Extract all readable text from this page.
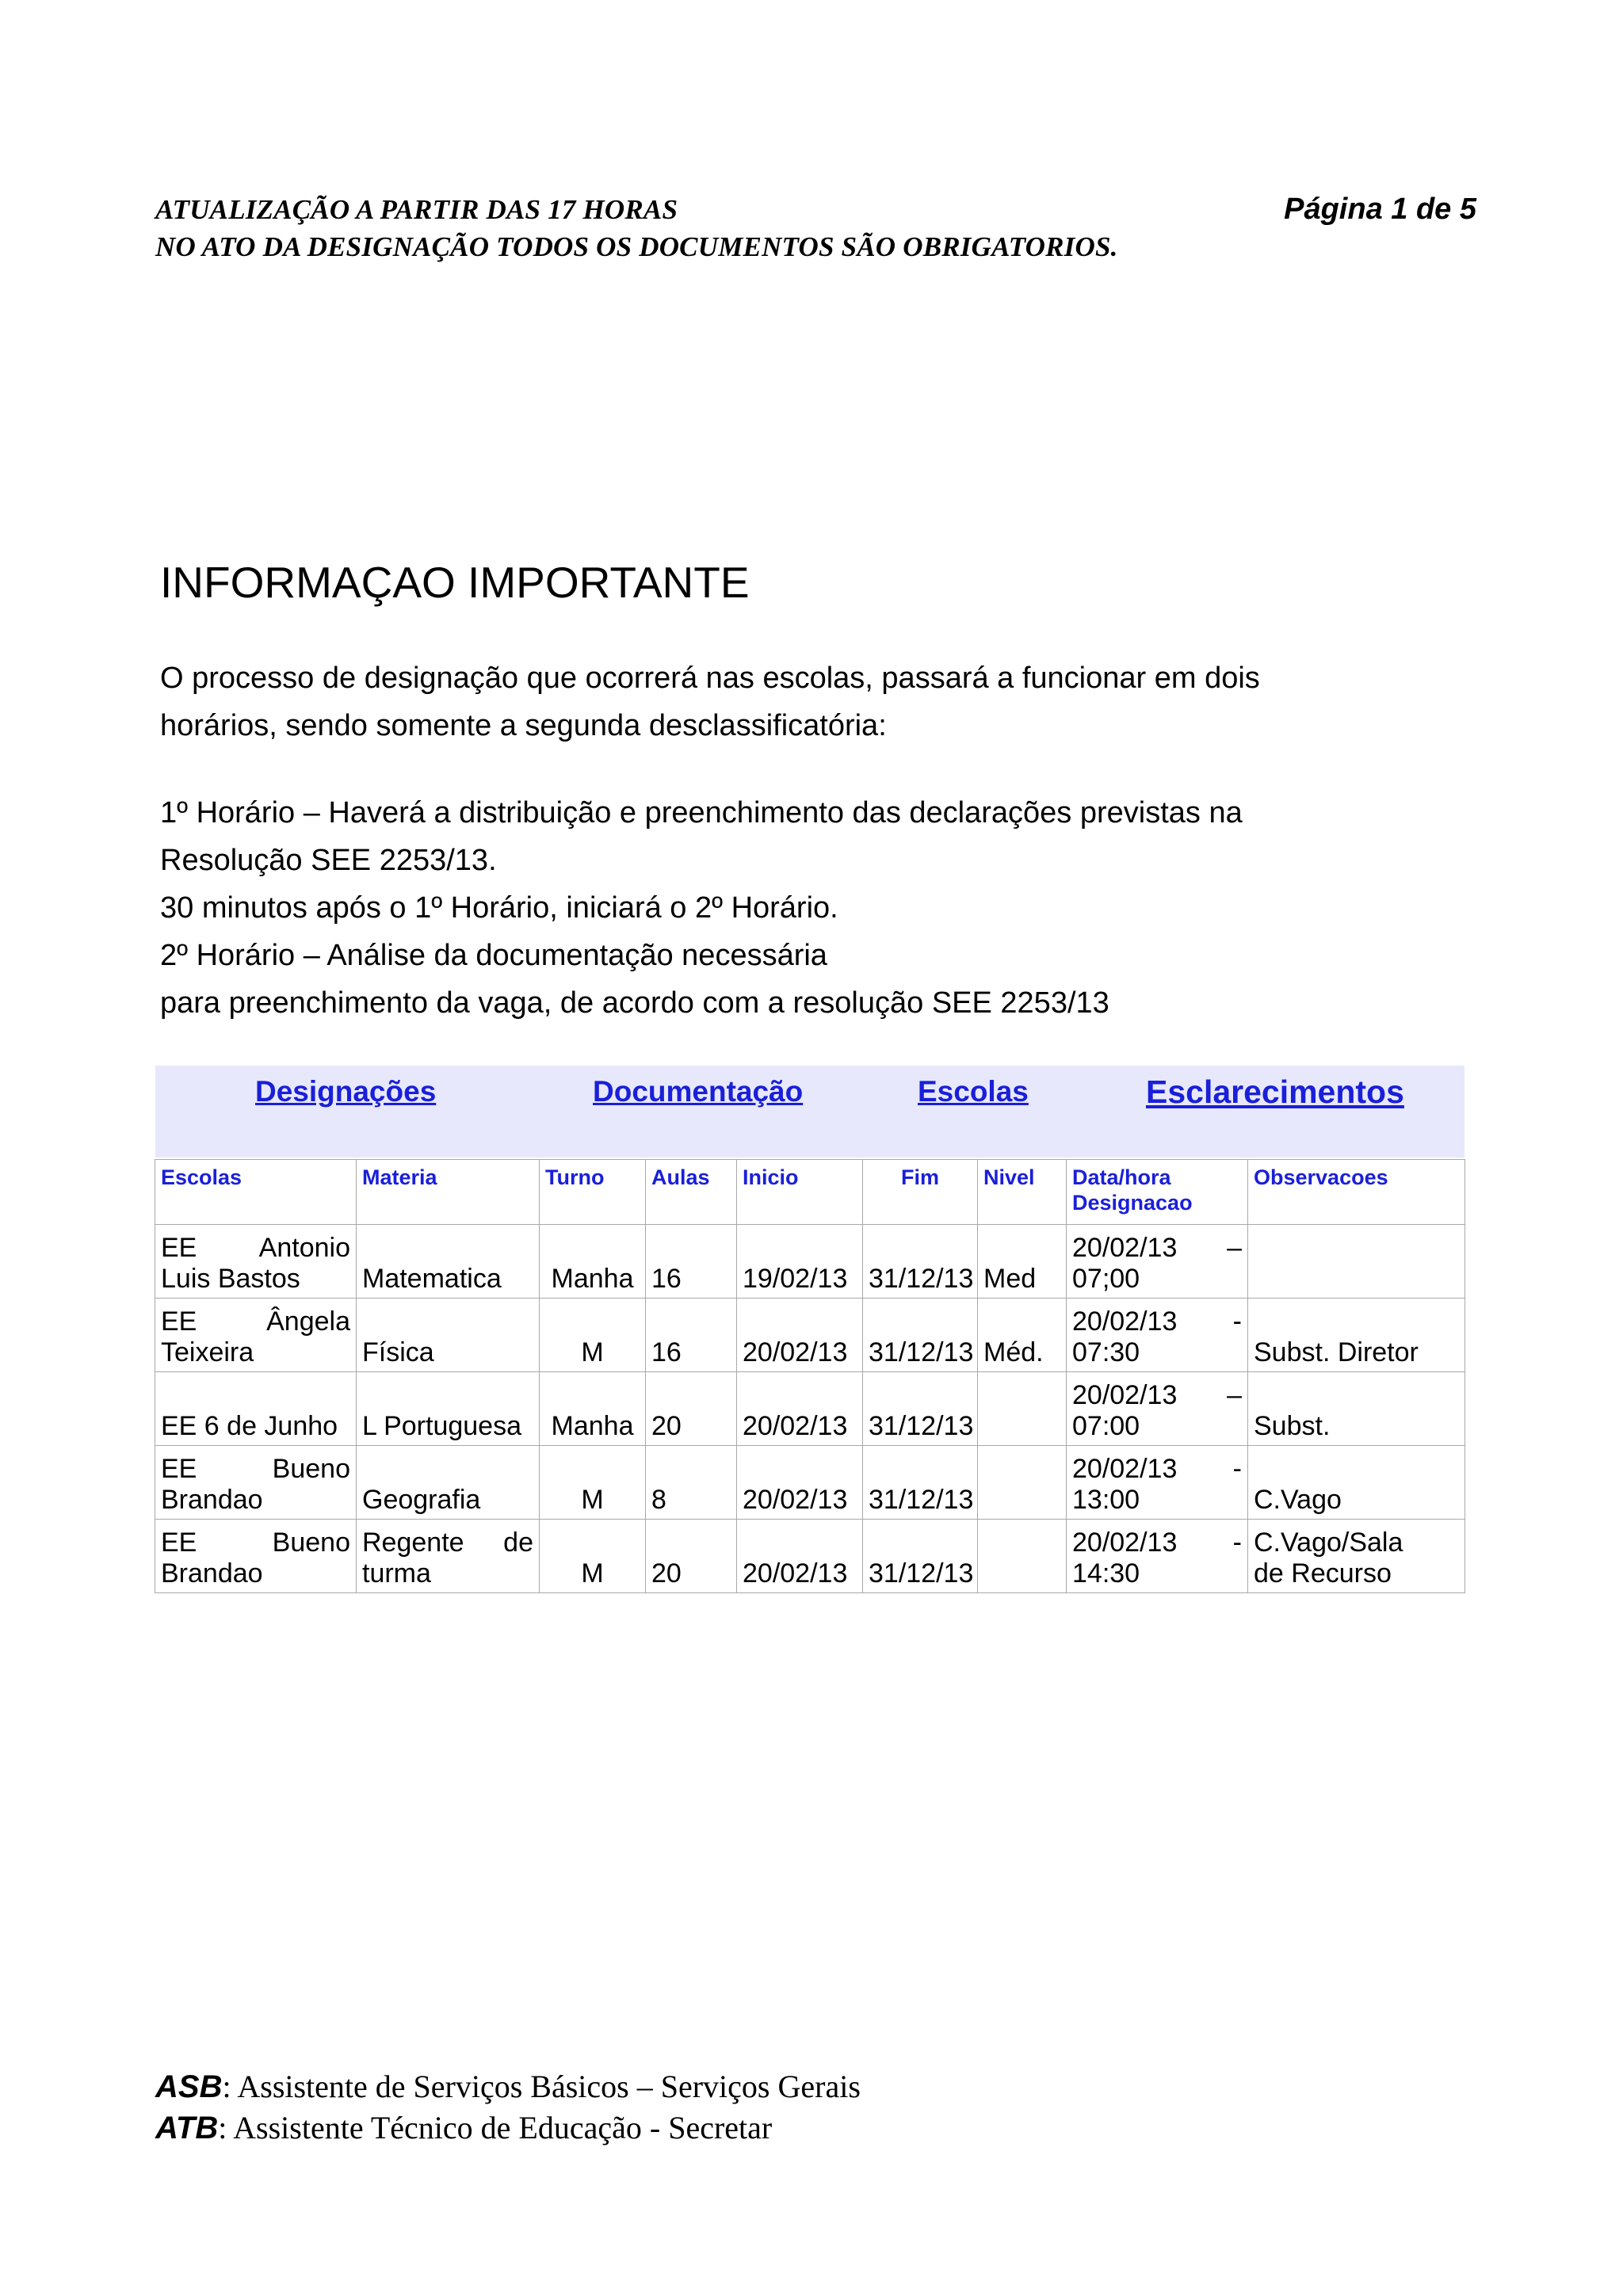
ATUALIZAÇÃO A PARTIR DAS 17 HORAS	Página 1 de 5
NO ATO DA DESIGNAÇÃO TODOS OS DOCUMENTOS SÃO OBRIGATORIOS.
INFORMAÇAO IMPORTANTE
O processo de designação que ocorrerá nas escolas, passará a funcionar em dois
horários, sendo somente a segunda desclassificatória:
1º Horário – Haverá a distribuição e preenchimento das declarações previstas na
Resolução SEE 2253/13.
30 minutos após o 1º Horário, iniciará o 2º Horário.
2º Horário – Análise da documentação necessária
para preenchimento da vaga, de acordo com a resolução SEE 2253/13
Designações	Documentação	Escolas	Esclarecimentos
Escolas	Materia	Turno	Aulas	Inicio	Fim	Nivel	Data/hora
Designacao	Observacoes

EE Antonio
Luis Bastos	Matematica	Manha	16	19/02/13	31/12/13	Med	20/02/13 –
07;00	

EE Ângela
Teixeira	Física	M	16	20/02/13	31/12/13	Méd.	20/02/13 -
07:30	Subst. Diretor

EE 6 de Junho	L Portuguesa	Manha	20	20/02/13	31/12/13		20/02/13 –
07:00	Subst.

EE Bueno
Brandao	Geografia	M	8	20/02/13	31/12/13		20/02/13 -
13:00	C.Vago

EE Bueno
Brandao	Regente de
turma	M	20	20/02/13	31/12/13		20/02/13 -
14:30	C.Vago/Sala
de Recurso
ASB: Assistente de Serviços Básicos – Serviços Gerais
ATB: Assistente Técnico de Educação - Secretar
